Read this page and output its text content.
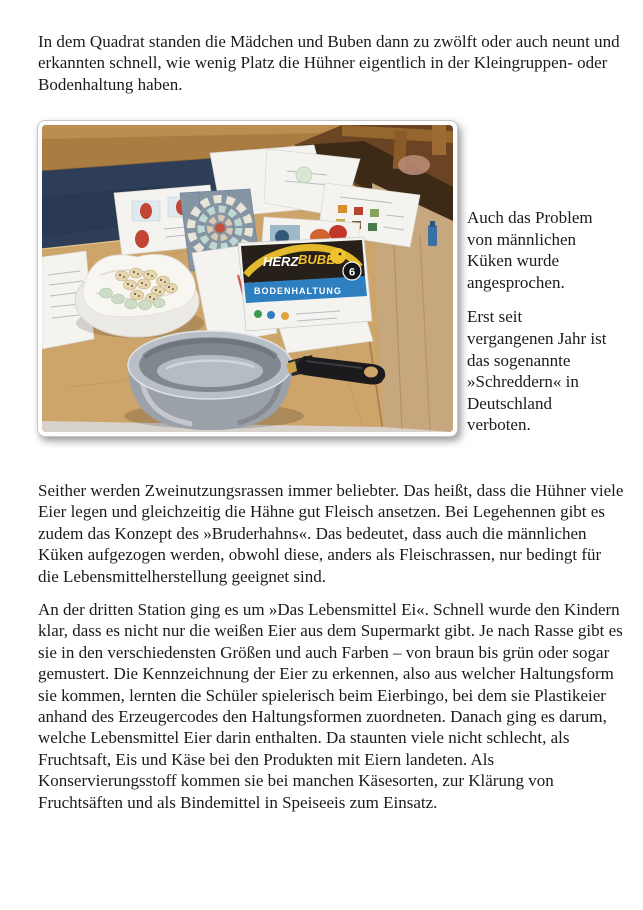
In dem Quadrat standen die Mädchen und Buben dann zu zwölft oder auch neunt und erkannten schnell, wie wenig Platz die Hühner eigentlich in der Kleingruppen- oder Bodenhaltung haben.

HERZ BUBE
BODENHALTUNG
6

Auch das Problem von männlichen Küken wurde angesprochen.

Erst seit vergangenen Jahr ist das sogenannte »Schreddern« in Deutschland verboten.

Seither werden Zweinutzungsrassen immer beliebter. Das heißt, dass die Hühner viele Eier legen und gleichzeitig die Hähne gut Fleisch ansetzen. Bei Legehennen gibt es zudem das Konzept des »Bruderhahns«. Das bedeutet, dass auch die männlichen Küken aufgezogen werden, obwohl diese, anders als Fleischrassen, nur bedingt für die Lebensmittelherstellung geeignet sind.

An der dritten Station ging es um »Das Lebensmittel Ei«. Schnell wurde den Kindern klar, dass es nicht nur die weißen Eier aus dem Supermarkt gibt. Je nach Rasse gibt es sie in den verschiedensten Größen und auch Farben – von braun bis grün oder sogar gemustert. Die Kennzeichnung der Eier zu erkennen, also aus welcher Haltungsform sie kommen, lernten die Schüler spielerisch beim Eierbingo, bei dem sie Plastikeier anhand des Erzeugercodes den Haltungsformen zuordneten. Danach ging es darum, welche Lebensmittel Eier darin enthalten. Da staunten viele nicht schlecht, als Fruchtsaft, Eis und Käse bei den Produkten mit Eiern landeten. Als Konservierungsstoff kommen sie bei manchen Käsesorten, zur Klärung von Fruchtsäften und als Bindemittel in Speiseeis zum Einsatz.
